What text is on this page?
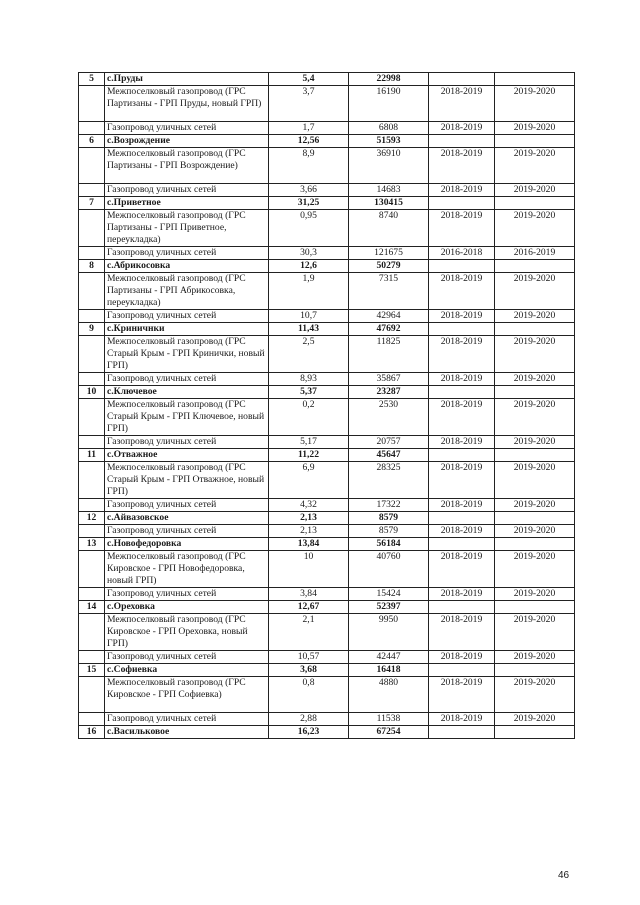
5	с.Пруды	5,4	22998		
	Межпоселковый газопровод (ГРС Партизаны - ГРП Пруды, новый ГРП)	3,7	16190	2018-2019	2019-2020
	Газопровод уличных сетей	1,7	6808	2018-2019	2019-2020
6	с.Возрождение	12,56	51593		
	Межпоселковый газопровод (ГРС Партизаны - ГРП Возрождение)	8,9	36910	2018-2019	2019-2020
	Газопровод уличных сетей	3,66	14683	2018-2019	2019-2020
7	с.Приветное	31,25	130415		
	Межпоселковый газопровод (ГРС Партизаны - ГРП Приветное, переукладка)	0,95	8740	2018-2019	2019-2020
	Газопровод уличных сетей	30,3	121675	2016-2018	2016-2019
8	с.Абрикосовка	12,6	50279		
	Межпоселковый газопровод (ГРС Партизаны - ГРП Абрикосовка, переукладка)	1,9	7315	2018-2019	2019-2020
	Газопровод уличных сетей	10,7	42964	2018-2019	2019-2020
9	с.Криничнки	11,43	47692		
	Межпоселковый газопровод (ГРС Старый Крым - ГРП Кринички, новый ГРП)	2,5	11825	2018-2019	2019-2020
	Газопровод уличных сетей	8,93	35867	2018-2019	2019-2020
10	с.Ключевое	5,37	23287		
	Межпоселковый газопровод (ГРС Старый Крым - ГРП Ключевое, новый ГРП)	0,2	2530	2018-2019	2019-2020
	Газопровод уличных сетей	5,17	20757	2018-2019	2019-2020
11	с.Отважное	11,22	45647		
	Межпоселковый газопровод (ГРС Старый Крым - ГРП Отважное, новый ГРП)	6,9	28325	2018-2019	2019-2020
	Газопровод уличных сетей	4,32	17322	2018-2019	2019-2020
12	с.Айвазовское	2,13	8579		
	Газопровод уличных сетей	2,13	8579	2018-2019	2019-2020
13	с.Новофедоровка	13,84	56184		
	Межпоселковый газопровод (ГРС Кировское - ГРП Новофедоровка, новый ГРП)	10	40760	2018-2019	2019-2020
	Газопровод уличных сетей	3,84	15424	2018-2019	2019-2020
14	с.Ореховка	12,67	52397		
	Межпоселковый газопровод (ГРС Кировское - ГРП Ореховка, новый ГРП)	2,1	9950	2018-2019	2019-2020
	Газопровод уличных сетей	10,57	42447	2018-2019	2019-2020
15	с.Софиевка	3,68	16418		
	Межпоселковый газопровод (ГРС Кировское - ГРП Софиевка)	0,8	4880	2018-2019	2019-2020
	Газопровод уличных сетей	2,88	11538	2018-2019	2019-2020
16	с.Васильковое	16,23	67254		
46
